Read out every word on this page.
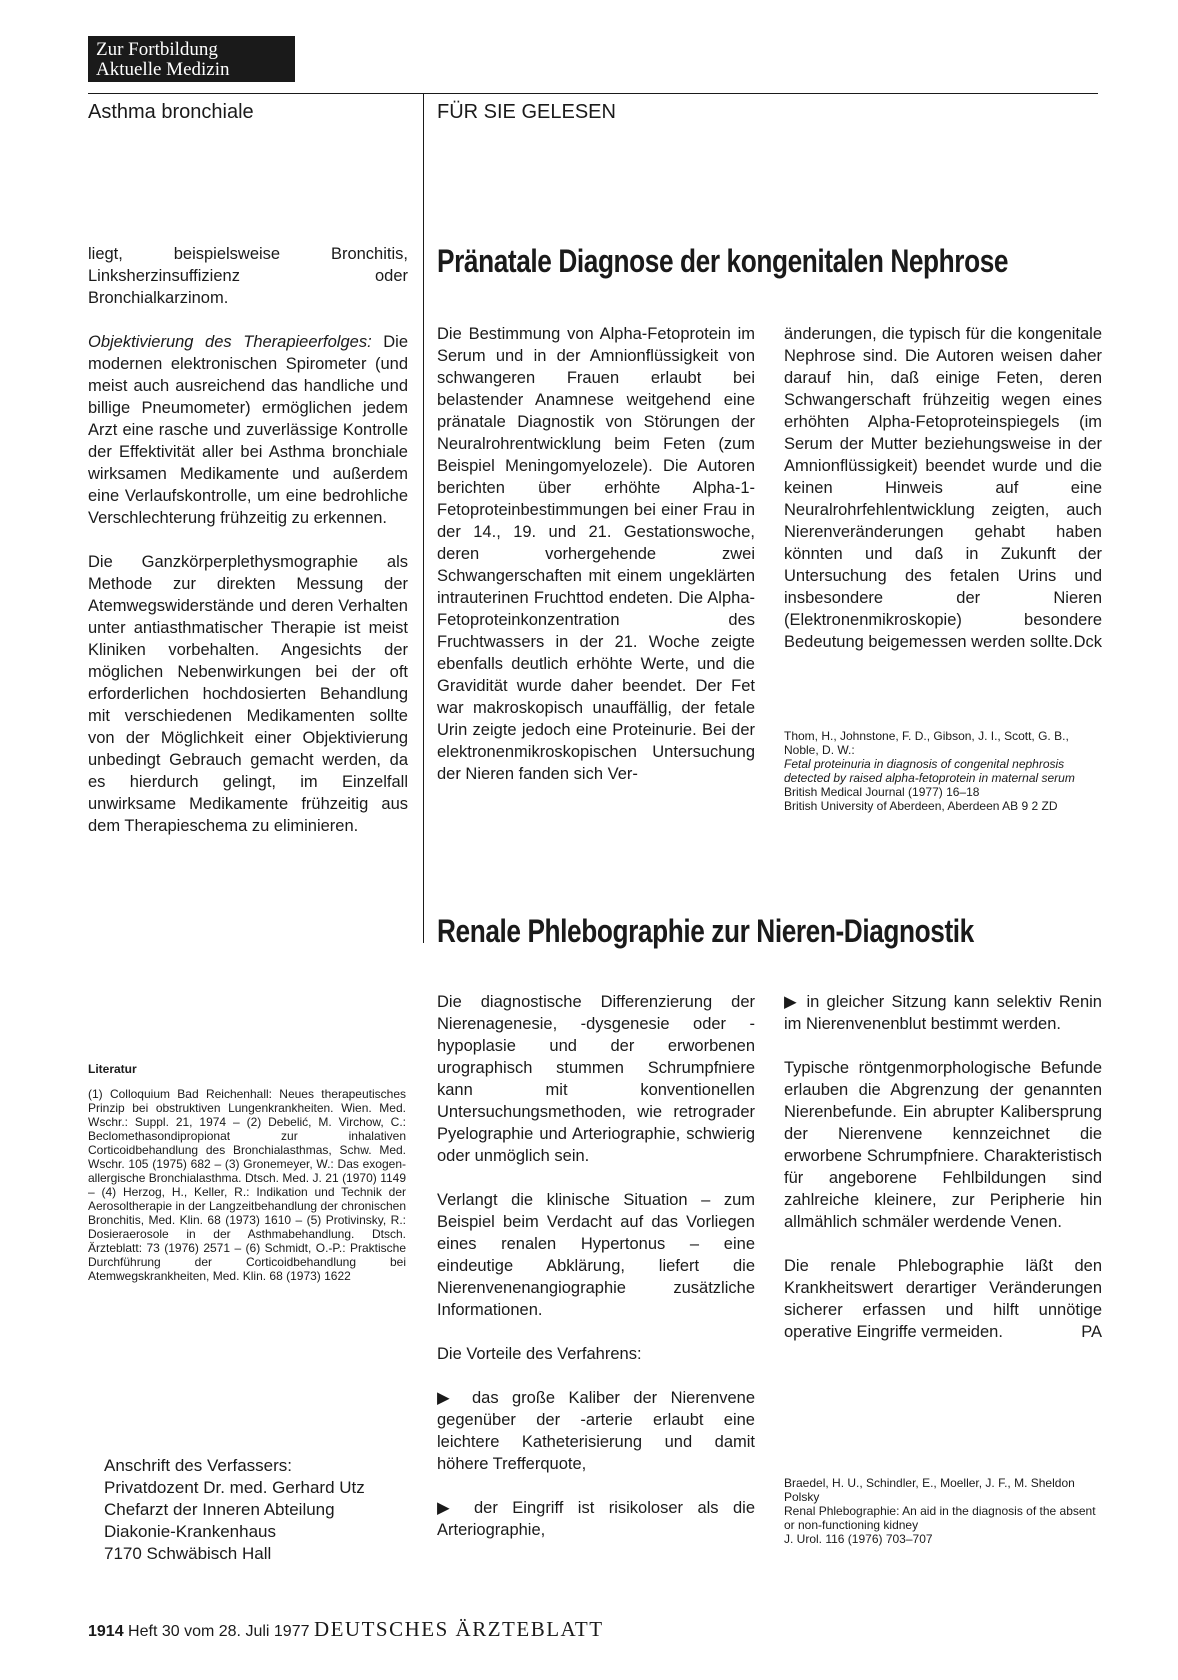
Zur Fortbildung
Aktuelle Medizin
Asthma bronchiale	FÜR SIE GELESEN

liegt, beispielsweise Bronchitis, Linksherzinsuffizienz oder Bronchialkarzinom.

Objektivierung des Therapieerfolges: Die modernen elektronischen Spirometer (und meist auch ausreichend das handliche und billige Pneumometer) ermöglichen jedem Arzt eine rasche und zuverlässige Kontrolle der Effektivität aller bei Asthma bronchiale wirksamen Medikamente und außerdem eine Verlaufskontrolle, um eine bedrohliche Verschlechterung frühzeitig zu erkennen.

Die Ganzkörperplethysmographie als Methode zur direkten Messung der Atemwegswiderstände und deren Verhalten unter antiasthmatischer Therapie ist meist Kliniken vorbehalten. Angesichts der möglichen Nebenwirkungen bei der oft erforderlichen hochdosierten Behandlung mit verschiedenen Medikamenten sollte von der Möglichkeit einer Objektivierung unbedingt Gebrauch gemacht werden, da es hierdurch gelingt, im Einzelfall unwirksame Medikamente frühzeitig aus dem Therapieschema zu eliminieren.

Literatur
(1) Colloquium Bad Reichenhall: Neues therapeutisches Prinzip bei obstruktiven Lungenkrankheiten. Wien. Med. Wschr.: Suppl. 21, 1974 – (2) Debelić, M. Virchow, C.: Beclomethasondipropionat zur inhalativen Corticoidbehandlung des Bronchialasthmas, Schw. Med. Wschr. 105 (1975) 682 – (3) Gronemeyer, W.: Das exogen-allergische Bronchialasthma. Dtsch. Med. J. 21 (1970) 1149 – (4) Herzog, H., Keller, R.: Indikation und Technik der Aerosoltherapie in der Langzeitbehandlung der chronischen Bronchitis, Med. Klin. 68 (1973) 1610 – (5) Protivinsky, R.: Dosieraerosole in der Asthmabehandlung. Dtsch. Ärzteblatt: 73 (1976) 2571 – (6) Schmidt, O.-P.: Praktische Durchführung der Corticoidbehandlung bei Atemwegskrankheiten, Med. Klin. 68 (1973) 1622
Anschrift des Verfassers:
Privatdozent Dr. med. Gerhard Utz
Chefarzt der Inneren Abteilung
Diakonie-Krankenhaus
7170 Schwäbisch Hall
Pränatale Diagnose der kongenitalen Nephrose
Die Bestimmung von Alpha-Fetoprotein im Serum und in der Amnionflüssigkeit von schwangeren Frauen erlaubt bei belastender Anamnese weitgehend eine pränatale Diagnostik von Störungen der Neuralrohrentwicklung beim Feten (zum Beispiel Meningomyelozele). Die Autoren berichten über erhöhte Alpha-1-Fetoproteinbestimmungen bei einer Frau in der 14., 19. und 21. Gestationswoche, deren vorhergehende zwei Schwangerschaften mit einem ungeklärten intrauterinen Fruchttod endeten. Die Alpha-Fetoproteinkonzentration des Fruchtwassers in der 21. Woche zeigte ebenfalls deutlich erhöhte Werte, und die Gravidität wurde daher beendet. Der Fet war makroskopisch unauffällig, der fetale Urin zeigte jedoch eine Proteinurie. Bei der elektronenmikroskopischen Untersuchung der Nieren fanden sich Ver-
änderungen, die typisch für die kongenitale Nephrose sind. Die Autoren weisen daher darauf hin, daß einige Feten, deren Schwangerschaft frühzeitig wegen eines erhöhten Alpha-Fetoproteinspiegels (im Serum der Mutter beziehungsweise in der Amnionflüssigkeit) beendet wurde und die keinen Hinweis auf eine Neuralrohrfehlentwicklung zeigten, auch Nierenveränderungen gehabt haben könnten und daß in Zukunft der Untersuchung des fetalen Urins und insbesondere der Nieren (Elektronenmikroskopie) besondere Bedeutung beigemessen werden sollte. Dck
Thom, H., Johnstone, F. D., Gibson, J. I., Scott, G. B., Noble, D. W.:
Fetal proteinuria in diagnosis of congenital nephrosis detected by raised alpha-fetoprotein in maternal serum
British Medical Journal (1977) 16–18
British University of Aberdeen, Aberdeen AB 9 2 ZD
Renale Phlebographie zur Nieren-Diagnostik

Die diagnostische Differenzierung der Nierenagenesie, -dysgenesie oder -hypoplasie und der erworbenen urographisch stummen Schrumpfniere kann mit konventionellen Untersuchungsmethoden, wie retrograder Pyelographie und Arteriographie, schwierig oder unmöglich sein.

Verlangt die klinische Situation – zum Beispiel beim Verdacht auf das Vorliegen eines renalen Hypertonus – eine eindeutige Abklärung, liefert die Nierenvenenangiographie zusätzliche Informationen.

Die Vorteile des Verfahrens:

▶ das große Kaliber der Nierenvene gegenüber der -arterie erlaubt eine leichtere Katheterisierung und damit höhere Trefferquote,

▶ der Eingriff ist risikoloser als die Arteriographie,

▶ in gleicher Sitzung kann selektiv Renin im Nierenvenenblut bestimmt werden.

Typische röntgenmorphologische Befunde erlauben die Abgrenzung der genannten Nierenbefunde. Ein abrupter Kalibersprung der Nierenvene kennzeichnet die erworbene Schrumpfniere. Charakteristisch für angeborene Fehlbildungen sind zahlreiche kleinere, zur Peripherie hin allmählich schmäler werdende Venen.

Die renale Phlebographie läßt den Krankheitswert derartiger Veränderungen sicherer erfassen und hilft unnötige operative Eingriffe vermeiden.	PA

Braedel, H. U., Schindler, E., Moeller, J. F., M. Sheldon Polsky
Renal Phlebographie: An aid in the diagnosis of the absent or non-functioning kidney
J. Urol. 116 (1976) 703–707
1914 Heft 30 vom 28. Juli 1977 DEUTSCHES ÄRZTEBLATT
